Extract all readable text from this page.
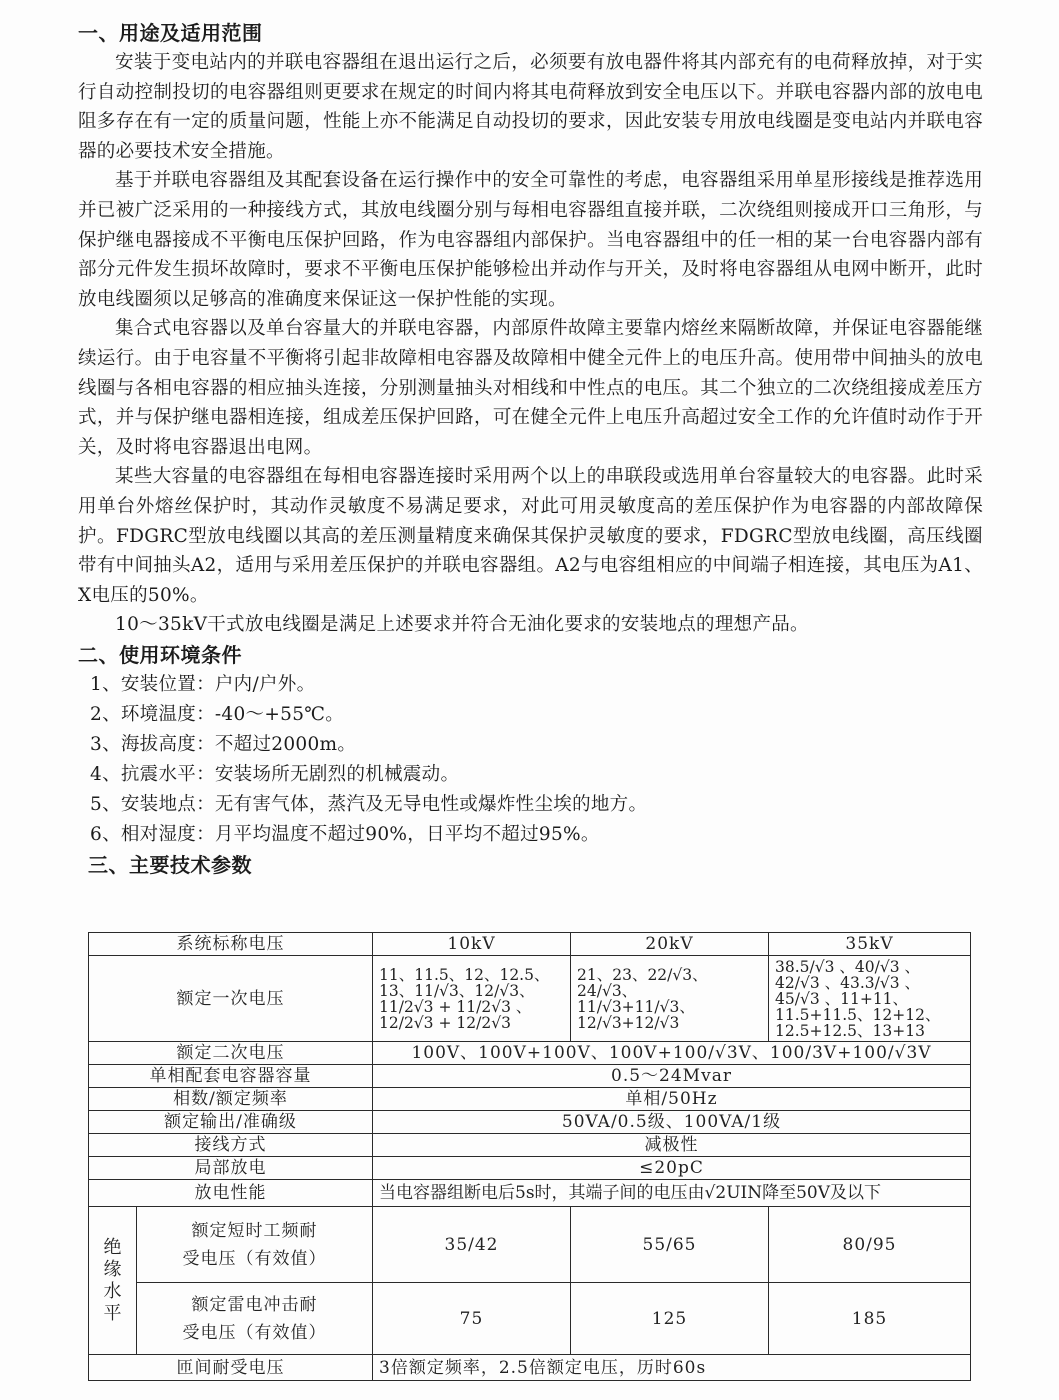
一、用途及适用范围

安装于变电站内的并联电容器组在退出运行之后，必须要有放电器件将其内部充有的电荷释放掉，对于实行自动控制投切的电容器组则更要求在规定的时间内将其电荷释放到安全电压以下。并联电容器内部的放电电阻多存在有一定的质量问题，性能上亦不能满足自动投切的要求，因此安装专用放电线圈是变电站内并联电容器的必要技术安全措施。

基于并联电容器组及其配套设备在运行操作中的安全可靠性的考虑，电容器组采用单星形接线是推荐选用并已被广泛采用的一种接线方式，其放电线圈分别与每相电容器组直接并联，二次绕组则接成开口三角形，与保护继电器接成不平衡电压保护回路，作为电容器组内部保护。当电容器组中的任一相的某一台电容器内部有部分元件发生损坏故障时，要求不平衡电压保护能够检出并动作与开关，及时将电容器组从电网中断开，此时放电线圈须以足够高的准确度来保证这一保护性能的实现。

集合式电容器以及单台容量大的并联电容器，内部原件故障主要靠内熔丝来隔断故障，并保证电容器能继续运行。由于电容量不平衡将引起非故障相电容器及故障相中健全元件上的电压升高。使用带中间抽头的放电线圈与各相电容器的相应抽头连接，分别测量抽头对相线和中性点的电压。其二个独立的二次绕组接成差压方式，并与保护继电器相连接，组成差压保护回路，可在健全元件上电压升高超过安全工作的允许值时动作于开关，及时将电容器退出电网。

某些大容量的电容器组在每相电容器连接时采用两个以上的串联段或选用单台容量较大的电容器。此时采用单台外熔丝保护时，其动作灵敏度不易满足要求，对此可用灵敏度高的差压保护作为电容器的内部故障保护。FDGRC型放电线圈以其高的差压测量精度来确保其保护灵敏度的要求，FDGRC型放电线圈，高压线圈带有中间抽头A2，适用与采用差压保护的并联电容器组。A2与电容组相应的中间端子相连接，其电压为A1、X电压的50%。

10～35kV干式放电线圈是满足上述要求并符合无油化要求的安装地点的理想产品。

二、使用环境条件
1、安装位置：户内/户外。
2、环境温度：-40～+55℃。
3、海拔高度：不超过2000m。
4、抗震水平：安装场所无剧烈的机械震动。
5、安装地点：无有害气体，蒸汽及无导电性或爆炸性尘埃的地方。
6、相对湿度：月平均温度不超过90%，日平均不超过95%。
三、主要技术参数
系统标称电压		10kV	20kV	35kV
额定一次电压		11、11.5、12、12.5、
13、11/√3、12/√3、
11/2√3 + 11/2√3 、
12/2√3 + 12/2√3	21、23、22/√3、
24/√3、
11/√3+11/√3、
12/√3+12/√3	38.5/√3 、40/√3 、
42/√3 、43.3/√3 、
45/√3 、11+11、
11.5+11.5、12+12、
12.5+12.5、13+13
额定二次电压		100V、100V+100V、100V+100/√3V、100/3V+100/√3V		
单相配套电容器容量		0.5～24Mvar		
相数/额定频率		单相/50Hz		
额定输出/准确级		50VA/0.5级、100VA/1级		
接线方式		减极性		
局部放电		≤20pC		
放电性能		当电容器组断电后5s时，其端子间的电压由√2UIN降至50V及以下		

绝
缘
水
平	额定短时工频耐
受电压（有效值）	35/42	55/65	80/95

	额定雷电冲击耐
受电压（有效值）	75	125	185
匝间耐受电压		3倍额定频率，2.5倍额定电压，历时60s		
